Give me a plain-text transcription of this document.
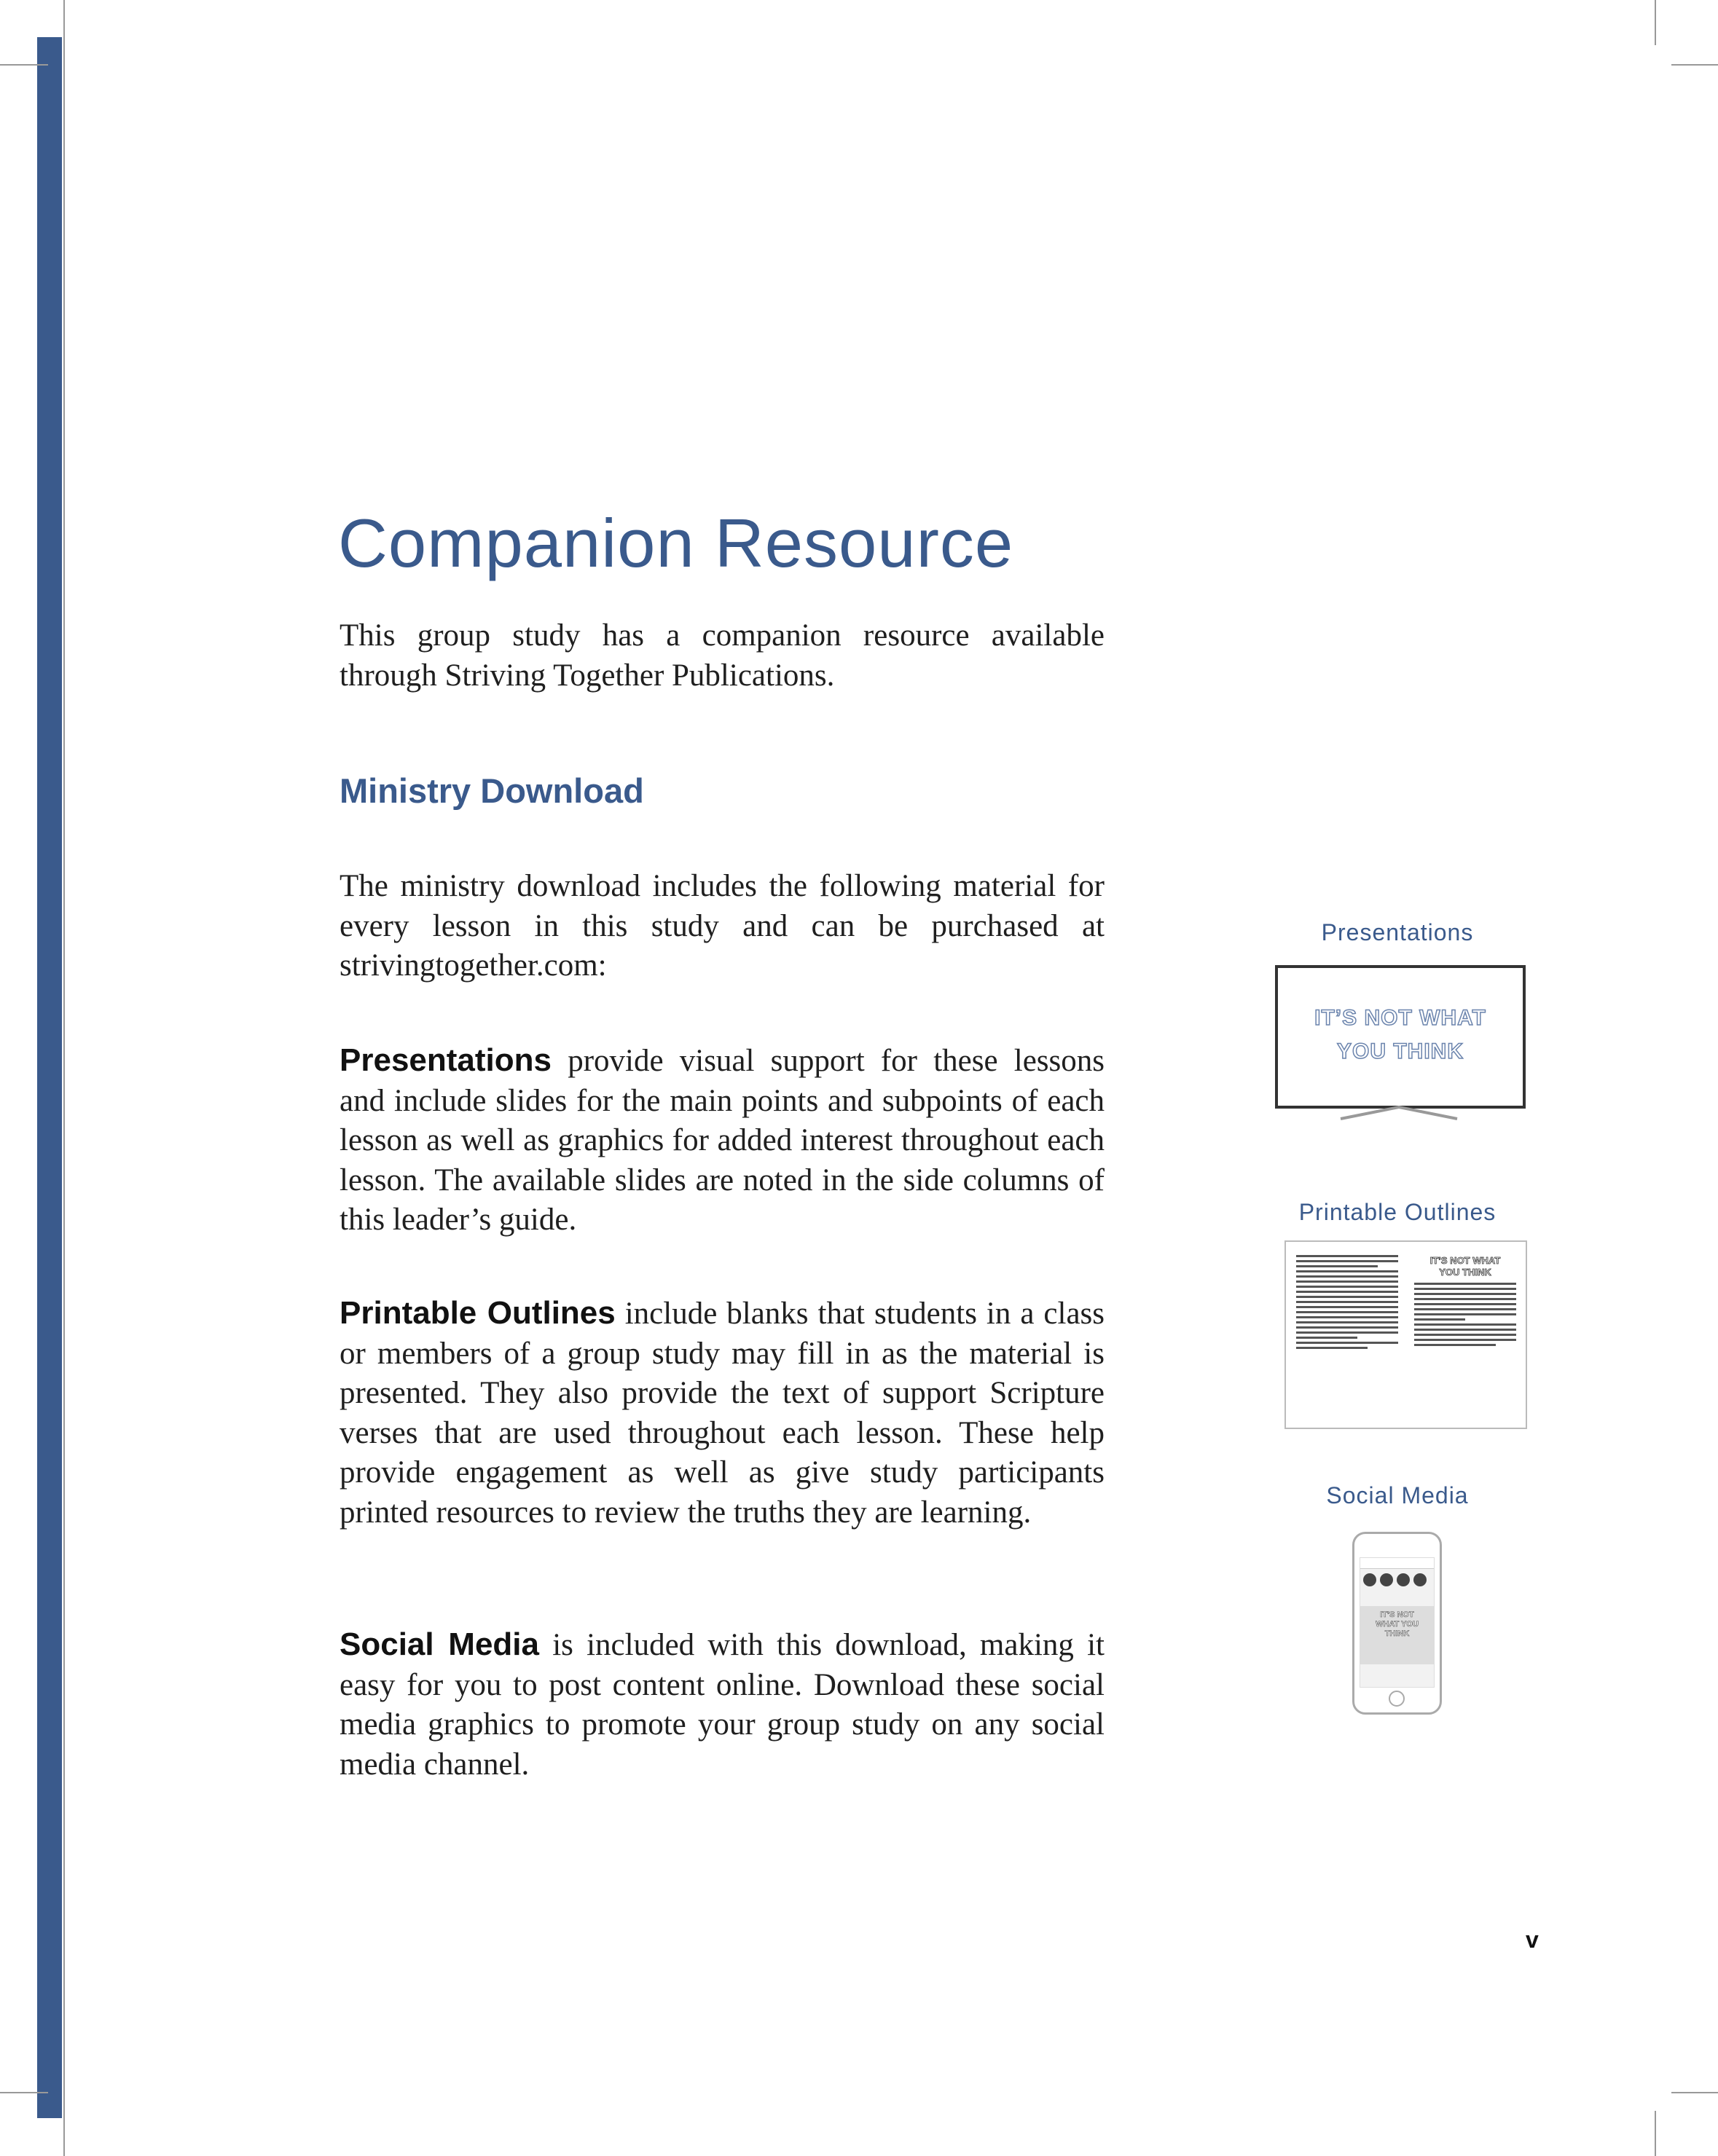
Companion Resource

This group study has a companion resource available through Striving Together Publications.

Ministry Download

The ministry download includes the following material for every lesson in this study and can be purchased at strivingtogether.com:

Presentations provide visual support for these lessons and include slides for the main points and subpoints of each lesson as well as graphics for added interest throughout each lesson. The available slides are noted in the side columns of this leader’s guide.

Printable Outlines include blanks that students in a class or members of a group study may fill in as the material is presented. They also provide the text of support Scripture verses that are used throughout each lesson. These help provide engagement as well as give study participants printed resources to review the truths they are learning.

Social Media is included with this download, making it easy for you to post content online. Download these social media graphics to promote your group study on any social media channel.

v
Presentations
IT’S NOT WHAT YOU THINK
Printable Outlines
IT’S NOT WHAT
YOU THINK
Social Media
IT’S NOT
WHAT YOU
THINK
